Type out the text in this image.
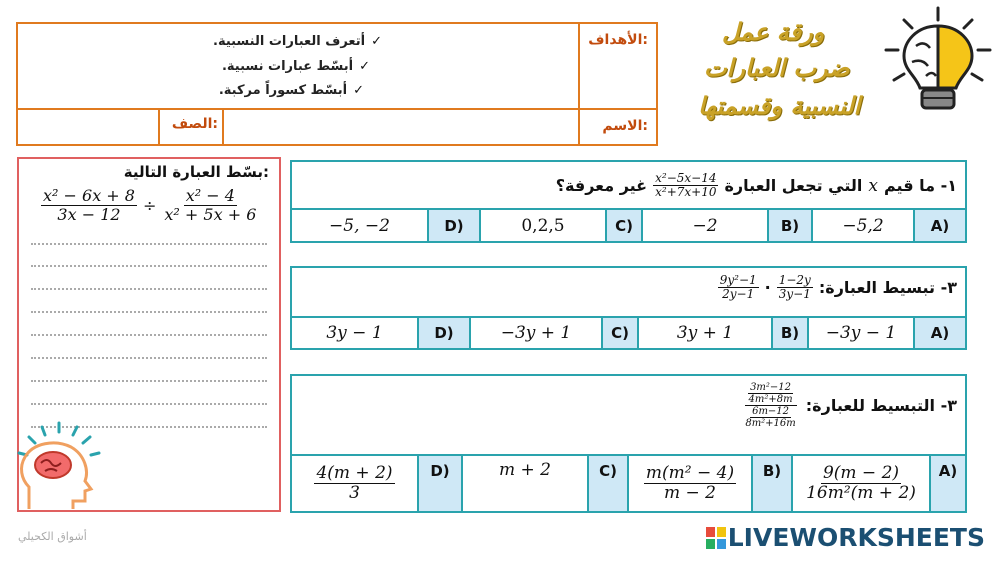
الأهداف:
✓أتعرف العبارات النسبية.
✓أبسّط عبارات نسبية.
✓أبسّط كسوراً مركبة.
الاسم:
الصف:
ورقة عمل
ضرب العبارات
النسبية وقسمتها
بسّط العبارة التالية:
$\frac{\text{x² − 6x + 8}}{3x - 12} \div \frac{\text{x² − 4}}{\text{x² + 5x + 6}}$
١- ما قيم
x
التي تجعل العبارة
$\frac{\text{x²−5x−14}}{\text{x²+7x+10}}$
غير معرفة؟
A)
−5,2
B)
−2
C)
0,2,5
D)
−5, −2
٣- تبسيط العبارة:
$\frac{1-2y}{3y-1}$
·
$\frac{\text{9y²−1}}{2y-1}$
A)
−3y − 1
B)
3y + 1
C)
−3y + 1
D)
3y − 1
٣- التبسيط للعبارة:
$\frac{\frac{\text{3m²−12}}{\text{4m²+8m}}}{\frac{6m-12}{\text{8m²+16m}}}$
A)
$\frac{9(m - 2)}{\text{16m²(m + 2)}}$
B)
$\frac{\text{m(m² − 4)}}{m - 2}$
C)
m + 2
D)
$\frac{4(m + 2)}{3}$
أشواق الكحيلي	LIVEWORKSHEETS
